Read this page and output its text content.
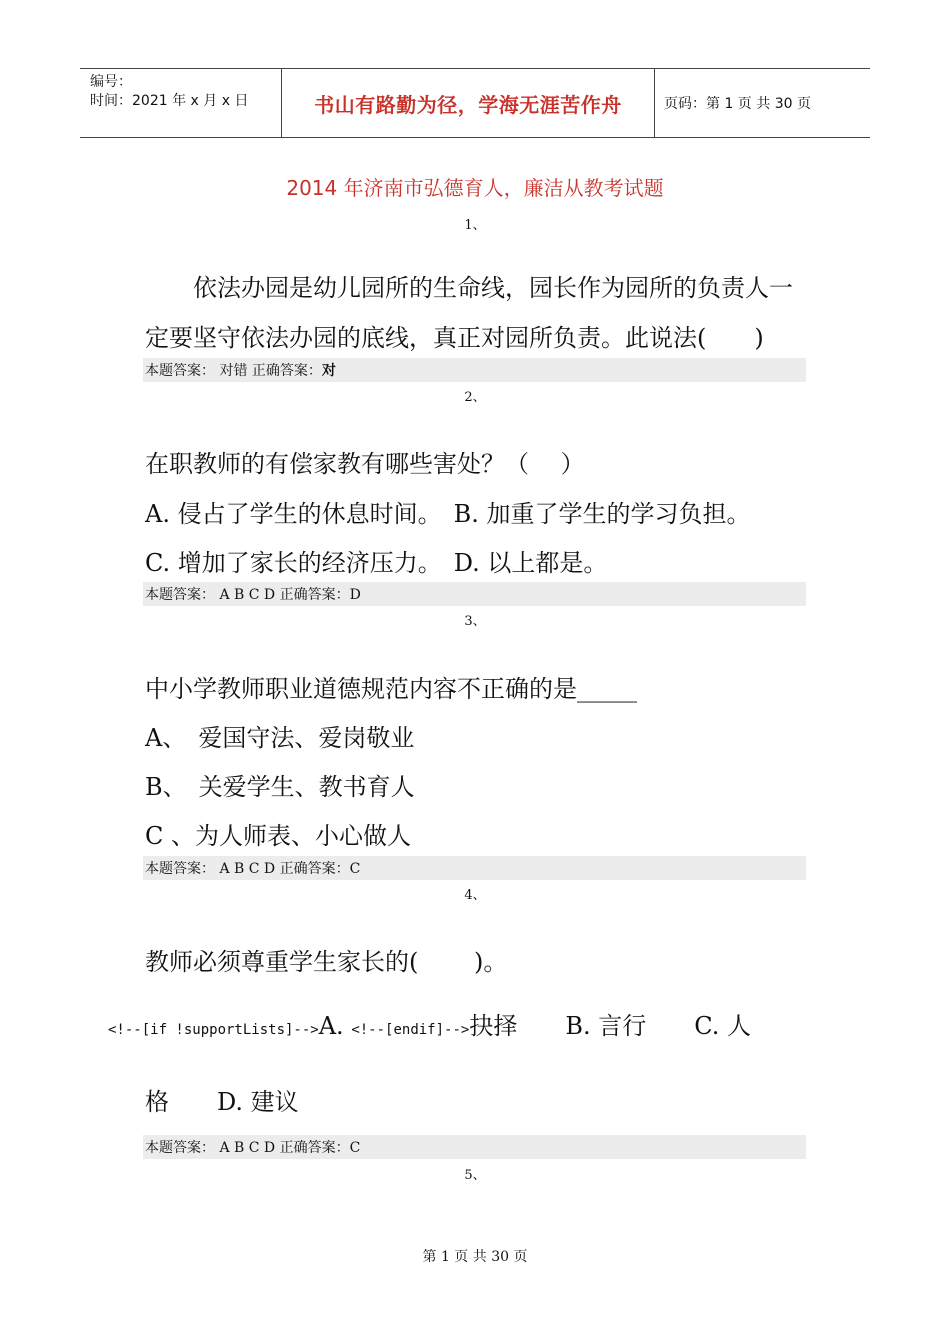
编号：
时间：2021 年 x 月 x 日	书山有路勤为径，学海无涯苦作舟	页码：第 1 页 共 30 页
2014 年济南市弘德育人，廉洁从教考试题
1、
　　依法办园是幼儿园所的生命线，园长作为园所的负责人一
定要坚守依法办园的底线，真正对园所负责。此说法(　　)
本题答案： 对错 正确答案：对
2、
在职教师的有偿家教有哪些害处？（　 ）
A. 侵占了学生的休息时间。　B. 加重了学生的学习负担。
C. 增加了家长的经济压力。　D. 以上都是。
本题答案： A B C D 正确答案：D
3、
中小学教师职业道德规范内容不正确的是_____
A、　爱国守法、爱岗敬业
B、　关爱学生、教书育人
C 、为人师表、小心做人
本题答案： A B C D 正确答案：C
4、
教师必须尊重学生家长的(　　 )。
<!--[if !supportLists]-->A. <!--[endif]-->抉择　　B. 言行　　C. 人
格　　D. 建议
本题答案： A B C D 正确答案：C
5、
第 1 页 共 30 页
